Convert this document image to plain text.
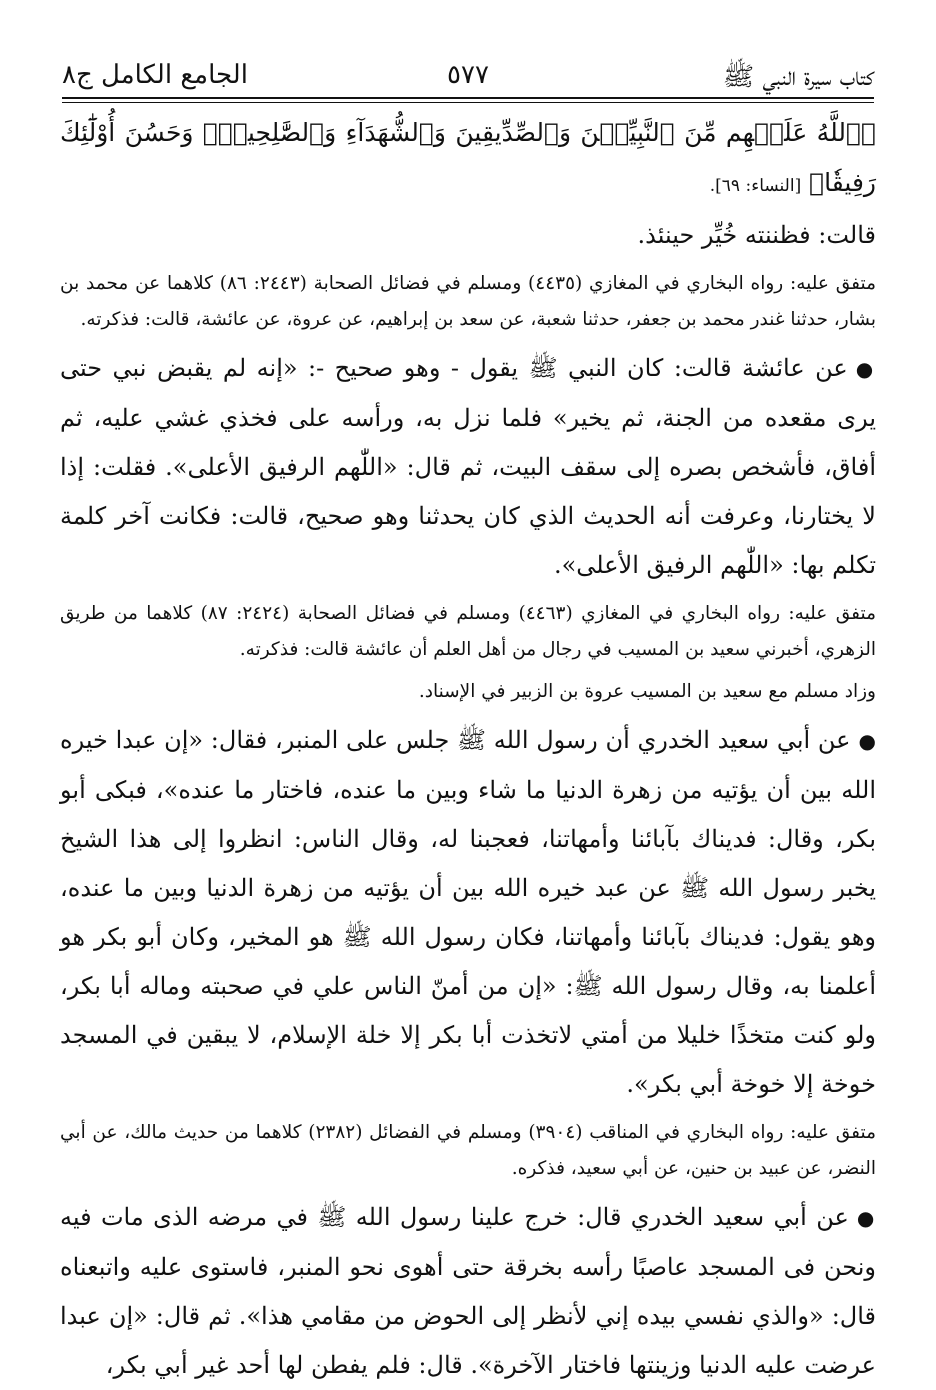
كتاب سيرة النبي ﷺ
٥٧٧
الجامع الكامل ج٨

﴿ٱللَّهُ عَلَيۡهِم مِّنَ ٱلنَّبِيِّـۧنَ وَٱلصِّدِّيقِينَ وَٱلشُّهَدَآءِ وَٱلصَّٰلِحِينَۚ وَحَسُنَ أُوْلَٰٓئِكَ رَفِيقٗا﴾ [النساء: ٦٩].

قالت: فظننته خُيِّر حينئذ.

متفق عليه: رواه البخاري في المغازي (٤٤٣٥) ومسلم في فضائل الصحابة (٢٤٤٣: ٨٦) كلاهما عن محمد بن بشار، حدثنا غندر محمد بن جعفر، حدثنا شعبة، عن سعد بن إبراهيم، عن عروة، عن عائشة، قالت: فذكرته.

●عن عائشة قالت: كان النبي ﷺ يقول - وهو صحيح -: «إنه لم يقبض نبي حتى يرى مقعده من الجنة، ثم يخير» فلما نزل به، ورأسه على فخذي غشي عليه، ثم أفاق، فأشخص بصره إلى سقف البيت، ثم قال: «اللّٰهم الرفيق الأعلى». فقلت: إذا لا يختارنا، وعرفت أنه الحديث الذي كان يحدثنا وهو صحيح، قالت: فكانت آخر كلمة تكلم بها: «اللّٰهم الرفيق الأعلى».

متفق عليه: رواه البخاري في المغازي (٤٤٦٣) ومسلم في فضائل الصحابة (٢٤٢٤: ٨٧) كلاهما من طريق الزهري، أخبرني سعيد بن المسيب في رجال من أهل العلم أن عائشة قالت: فذكرته.

وزاد مسلم مع سعيد بن المسيب عروة بن الزبير في الإسناد.

●عن أبي سعيد الخدري أن رسول الله ﷺ جلس على المنبر، فقال: «إن عبدا خيره الله بين أن يؤتيه من زهرة الدنيا ما شاء وبين ما عنده، فاختار ما عنده»، فبكى أبو بكر، وقال: فديناك بآبائنا وأمهاتنا، فعجبنا له، وقال الناس: انظروا إلى هذا الشيخ يخبر رسول الله ﷺ عن عبد خيره الله بين أن يؤتيه من زهرة الدنيا وبين ما عنده، وهو يقول: فديناك بآبائنا وأمهاتنا، فكان رسول الله ﷺ هو المخير، وكان أبو بكر هو أعلمنا به، وقال رسول الله ﷺ: «إن من أمنّ الناس علي في صحبته وماله أبا بكر، ولو كنت متخذًا خليلا من أمتي لاتخذت أبا بكر إلا خلة الإسلام، لا يبقين في المسجد خوخة إلا خوخة أبي بكر».

متفق عليه: رواه البخاري في المناقب (٣٩٠٤) ومسلم في الفضائل (٢٣٨٢) كلاهما من حديث مالك، عن أبي النضر، عن عبيد بن حنين، عن أبي سعيد، فذكره.

●عن أبي سعيد الخدري قال: خرج علينا رسول الله ﷺ في مرضه الذى مات فيه ونحن فى المسجد عاصبًا رأسه بخرقة حتى أهوى نحو المنبر، فاستوى عليه واتبعناه قال: «والذي نفسي بيده إني لأنظر إلى الحوض من مقامي هذا». ثم قال: «إن عبدا عرضت عليه الدنيا وزينتها فاختار الآخرة». قال: فلم يفطن لها أحد غير أبي بكر،
